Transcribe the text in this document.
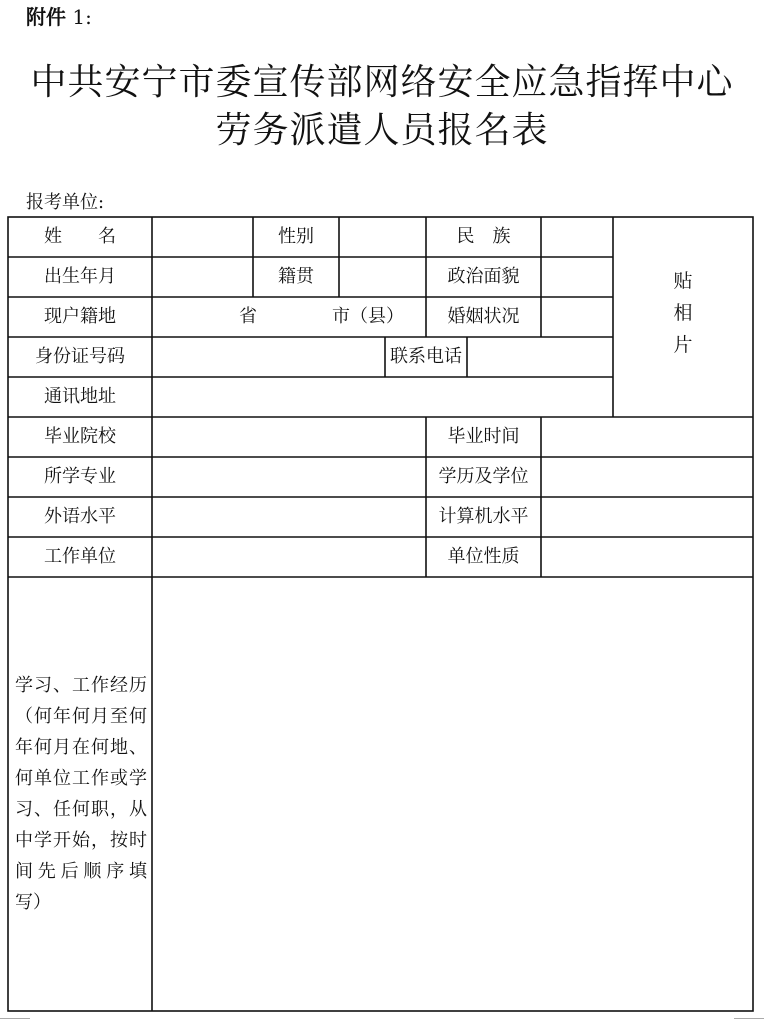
附件 1:
中共安宁市委宣传部网络安全应急指挥中心
劳务派遣人员报名表
报考单位:
姓　　名	性别	民　族
出生年月	籍贯	政治面貌
现户籍地	省	市（县）	婚姻状况
身份证号码	联系电话
通讯地址
毕业院校	毕业时间
所学专业	学历及学位
外语水平	计算机水平
工作单位	单位性质
贴
相
片
学习、工作经历（何年何月至何年何月在何地、何单位工作或学习、任何职，从中学开始，按时间先后顺序填写）
